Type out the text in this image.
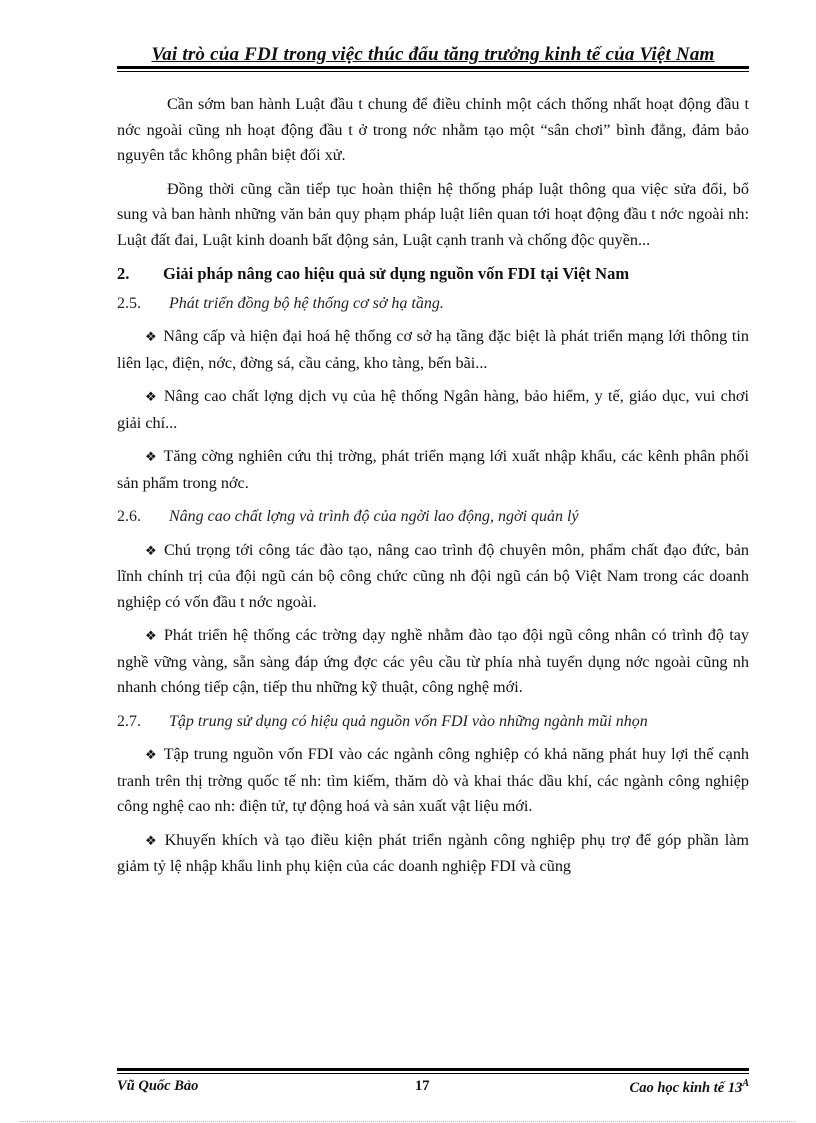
Vai trò của FDI trong việc thúc đẩu tăng trưởng kinh tế của Việt Nam

Cần sớm ban hành Luật đầu t chung để điều chỉnh một cách thống nhất hoạt động đầu t nớc ngoài cũng nh hoạt động đầu t ở trong nớc nhằm tạo một “sân chơi” bình đẳng, đảm bảo nguyên tắc không phân biệt đối xử.

Đồng thời cũng cần tiếp tục hoàn thiện hệ thống pháp luật thông qua việc sửa đổi, bổ sung và ban hành những văn bản quy phạm pháp luật liên quan tới hoạt động đầu t nớc ngoài nh: Luật đất đai, Luật kinh doanh bất động sản, Luật cạnh tranh và chống độc quyền...

2. Giải pháp nâng cao hiệu quả sử dụng nguồn vốn FDI tại Việt Nam
2.5. Phát triển đồng bộ hệ thống cơ sở hạ tầng.

❖ Nâng cấp và hiện đại hoá hệ thống cơ sở hạ tầng đặc biệt là phát triển mạng lới thông tin liên lạc, điện, nớc, đờng sá, cầu cảng, kho tàng, bến bãi...

❖ Nâng cao chất lợng dịch vụ của hệ thống Ngân hàng, bảo hiểm, y tế, giáo dục, vui chơi giải chí...

❖ Tăng cờng nghiên cứu thị trờng, phát triển mạng lới xuất nhập khẩu, các kênh phân phối sản phẩm trong nớc.

2.6. Nâng cao chất lợng và trình độ của ngời lao động, ngời quản lý

❖ Chú trọng tới công tác đào tạo, nâng cao trình độ chuyên môn, phẩm chất đạo đức, bản lĩnh chính trị của đội ngũ cán bộ công chức cũng nh đội ngũ cán bộ Việt Nam trong các doanh nghiệp có vốn đầu t nớc ngoài.

❖ Phát triển hệ thống các trờng dạy nghề nhằm đào tạo đội ngũ công nhân có trình độ tay nghề vững vàng, sẵn sàng đáp ứng đợc các yêu cầu từ phía nhà tuyển dụng nớc ngoài cũng nh nhanh chóng tiếp cận, tiếp thu những kỹ thuật, công nghệ mới.

2.7. Tập trung sử dụng có hiệu quả nguồn vốn FDI vào những ngành mũi nhọn

❖ Tập trung nguồn vốn FDI vào các ngành công nghiệp có khả năng phát huy lợi thế cạnh tranh trên thị trờng quốc tế nh: tìm kiếm, thăm dò và khai thác dầu khí, các ngành công nghiệp công nghệ cao nh: điện tử, tự động hoá và sản xuất vật liệu mới.

❖ Khuyến khích và tạo điều kiện phát triển ngành công nghiệp phụ trợ để góp phần làm giảm tỷ lệ nhập khẩu linh phụ kiện của các doanh nghiệp FDI và cũng

Vũ Quốc Bảo	17	Cao học kinh tế $13^A$
